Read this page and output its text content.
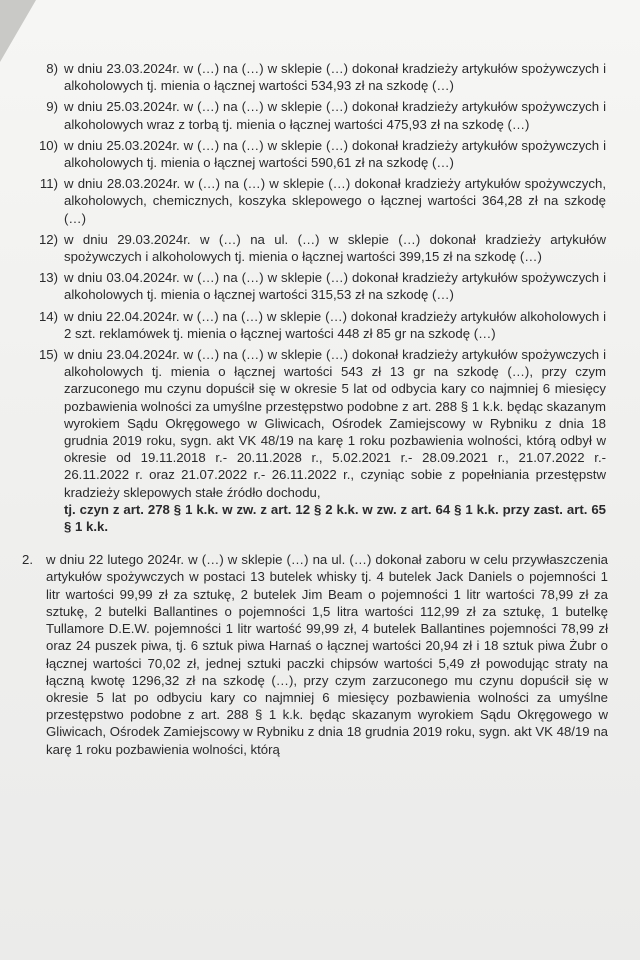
8) w dniu 23.03.2024r. w (…) na (…) w sklepie (…) dokonał kradzieży artykułów spożywczych i alkoholowych tj. mienia o łącznej wartości 534,93 zł na szkodę (…)
9) w dniu 25.03.2024r. w (…) na (…) w sklepie (…) dokonał kradzieży artykułów spożywczych i alkoholowych wraz z torbą tj. mienia o łącznej wartości 475,93 zł na szkodę (…)
10) w dniu 25.03.2024r. w (…) na (…) w sklepie (…) dokonał kradzieży artykułów spożywczych i alkoholowych tj. mienia o łącznej wartości 590,61 zł na szkodę (…)
11) w dniu 28.03.2024r. w (…) na (…) w sklepie (…) dokonał kradzieży artykułów spożywczych, alkoholowych, chemicznych, koszyka sklepowego o łącznej wartości 364,28 zł na szkodę (…)
12) w dniu 29.03.2024r. w (…) na ul. (…) w sklepie (…) dokonał kradzieży artykułów spożywczych i alkoholowych tj. mienia o łącznej wartości 399,15 zł na szkodę (…)
13) w dniu 03.04.2024r. w (…) na (…) w sklepie (…) dokonał kradzieży artykułów spożywczych i alkoholowych tj. mienia o łącznej wartości 315,53 zł na szkodę (…)
14) w dniu 22.04.2024r. w (…) na (…) w sklepie (…) dokonał kradzieży artykułów alkoholowych i 2 szt. reklamówek tj. mienia o łącznej wartości 448 zł 85 gr na szkodę (…)
15) w dniu 23.04.2024r. w (…) na (…) w sklepie (…) dokonał kradzieży artykułów spożywczych i alkoholowych tj. mienia o łącznej wartości 543 zł 13 gr na szkodę (…), przy czym zarzuconego mu czynu dopuścił się w okresie 5 lat od odbycia kary co najmniej 6 miesięcy pozbawienia wolności za umyślne przestępstwo podobne z art. 288 § 1 k.k. będąc skazanym wyrokiem Sądu Okręgowego w Gliwicach, Ośrodek Zamiejscowy w Rybniku z dnia 18 grudnia 2019 roku, sygn. akt VK 48/19 na karę 1 roku pozbawienia wolności, którą odbył w okresie od 19.11.2018 r.- 20.11.2028 r., 5.02.2021 r.- 28.09.2021 r., 21.07.2022 r.- 26.11.2022 r. oraz 21.07.2022 r.- 26.11.2022 r., czyniąc sobie z popełniania przestępstw kradzieży sklepowych stałe źródło dochodu,
tj. czyn z art. 278 § 1 k.k. w zw. z art. 12 § 2 k.k. w zw. z art. 64 § 1 k.k. przy zast. art. 65 § 1 k.k.
2. w dniu 22 lutego 2024r. w (…) w sklepie (…) na ul. (…) dokonał zaboru w celu przywłaszczenia artykułów spożywczych w postaci 13 butelek whisky tj. 4 butelek Jack Daniels o pojemności 1 litr wartości 99,99 zł za sztukę, 2 butelek Jim Beam o pojemności 1 litr wartości 78,99 zł za sztukę, 2 butelki Ballantines o pojemności 1,5 litra wartości 112,99 zł za sztukę, 1 butelkę Tullamore D.E.W. pojemności 1 litr wartość 99,99 zł, 4 butelek Ballantines pojemności 78,99 zł oraz 24 puszek piwa, tj. 6 sztuk piwa Harnaś o łącznej wartości 20,94 zł i 18 sztuk piwa Żubr o łącznej wartości 70,02 zł, jednej sztuki paczki chipsów wartości 5,49 zł powodując straty na łączną kwotę 1296,32 zł na szkodę (…), przy czym zarzuconego mu czynu dopuścił się w okresie 5 lat po odbyciu kary co najmniej 6 miesięcy pozbawienia wolności za umyślne przestępstwo podobne z art. 288 § 1 k.k. będąc skazanym wyrokiem Sądu Okręgowego w Gliwicach, Ośrodek Zamiejscowy w Rybniku z dnia 18 grudnia 2019 roku, sygn. akt VK 48/19 na karę 1 roku pozbawienia wolności, którą
